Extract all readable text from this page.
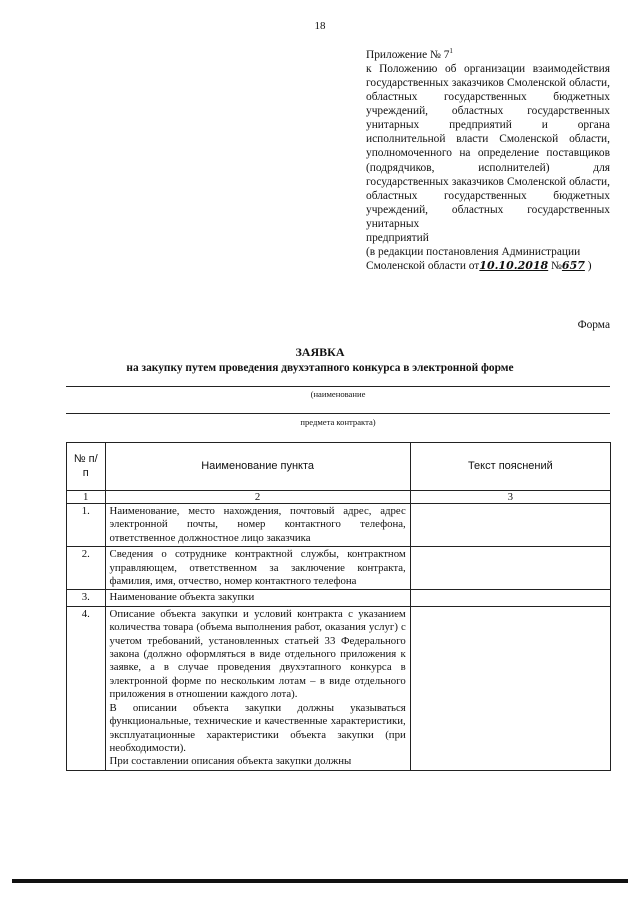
18
Приложение № $7^1$
к Положению об организации взаимодействия государственных заказчиков Смоленской области, областных государственных бюджетных учреждений, областных государственных унитарных предприятий и органа исполнительной власти Смоленской области, уполномоченного на определение поставщиков (подрядчиков, исполнителей) для государственных заказчиков Смоленской области, областных государственных бюджетных учреждений, областных государственных унитарных
предприятий
(в редакции постановления Администрации Смоленской области от10.10.2018 №657 )
Форма
ЗАЯВКА
на закупку путем проведения двухэтапного конкурса в электронной форме
(наименование
предмета контракта)
№ п/п	Наименование пункта	Текст пояснений
1	2	3
1.	Наименование, место нахождения, почтовый адрес, адрес электронной почты, номер контактного телефона, ответственное должностное лицо заказчика	
2.	Сведения о сотруднике контрактной службы, контрактном управляющем, ответственном за заключение контракта, фамилия, имя, отчество, номер контактного телефона	
3.	Наименование объекта закупки	
4.	Описание объекта закупки и условий контракта с указанием количества товара (объема выполнения работ, оказания услуг) с учетом требований, установленных статьей 33 Федерального закона (должно оформляться в виде отдельного приложения к заявке, а в случае проведения двухэтапного конкурса в электронной форме по нескольким лотам – в виде отдельного приложения в отношении каждого лота).
В описании объекта закупки должны указываться функциональные, технические и качественные характеристики, эксплуатационные характеристики объекта закупки (при необходимости).
При составлении описания объекта закупки должны	
